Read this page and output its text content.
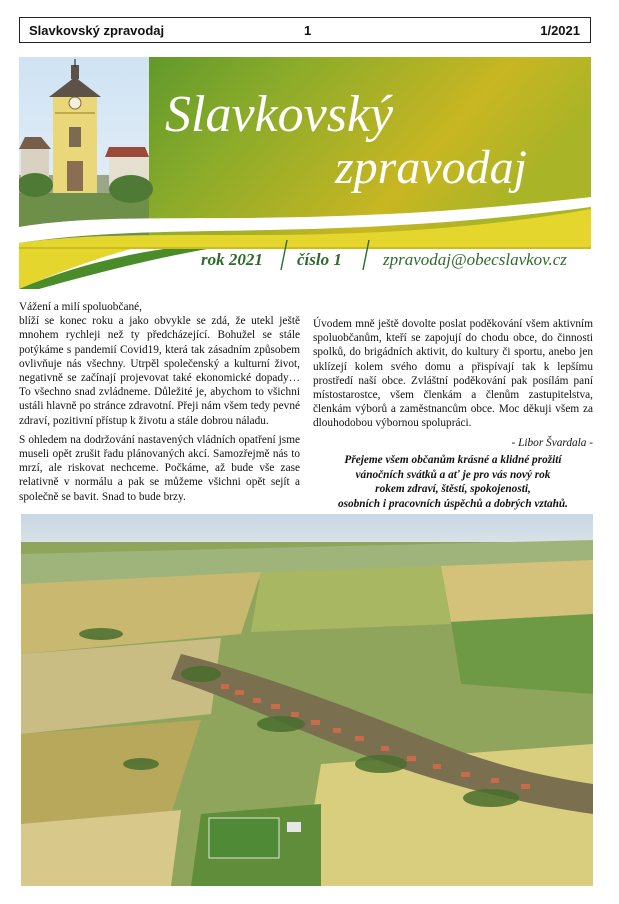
Slavkovský zpravodaj	1	1/2021
Slavkovský
zpravodaj
rok 2021 číslo 1 zpravodaj@obecslavkov.cz

Vážení a milí spoluobčané,

blíží se konec roku a jako obvykle se zdá, že utekl ještě mnohem rychleji než ty předcházející. Bohužel se stále potýkáme s pandemií Covid19, která tak zásadním způsobem ovlivňuje nás všechny. Utrpěl společenský a kulturní život, negativně se začínají projevovat také ekonomické dopady… To všechno snad zvládneme. Důležité je, abychom to všichni ustáli hlavně po stránce zdravotní. Přeji nám všem tedy pevné zdraví, pozitivní přístup k životu a stále dobrou náladu.

S ohledem na dodržování nastavených vládních opatření jsme museli opět zrušit řadu plánovaných akcí. Samozřejmě nás to mrzí, ale riskovat nechceme. Počkáme, až bude vše zase relativně v normálu a pak se můžeme všichni opět sejít a společně se bavit. Snad to bude brzy.

Úvodem mně ještě dovolte poslat poděkování všem aktivním spoluobčanům, kteří se zapojují do chodu obce, do činnosti spolků, do brigádních aktivit, do kultury či sportu, anebo jen uklízejí kolem svého domu a přispívají tak k lepšímu prostředí naší obce. Zvláštní poděkování pak posílám paní místostarostce, všem členkám a členům zastupitelstva, členkám výborů a zaměstnancům obce. Moc děkuji všem za dlouhodobou výbornou spolupráci.

- Libor Švardala -
Přejeme všem občanům krásné a klidné prožití
vánočních svátků a ať je pro vás nový rok
rokem zdraví, štěstí, spokojenosti,
osobních i pracovních úspěchů a dobrých vztahů.
